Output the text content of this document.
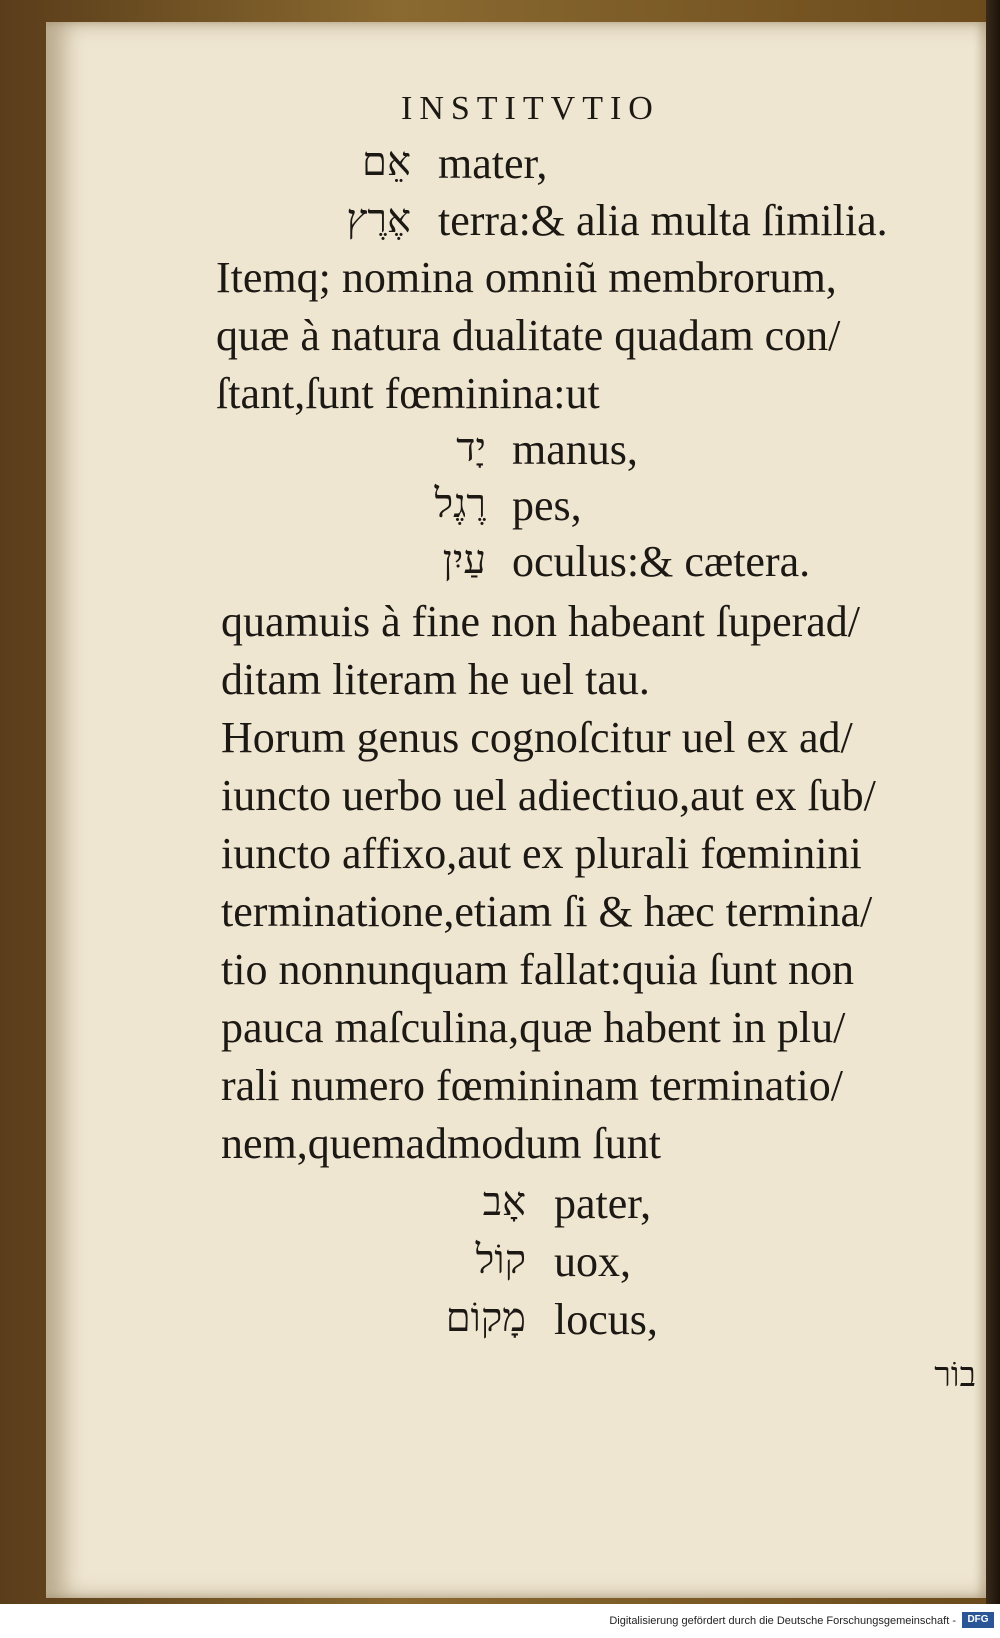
INSTITVTIO
אֵם mater,
אֶרֶץ terra:& alia multa ſimilia.
Itemq; nomina omniũ membrorum,
quæ à natura dualitate quadam con/
ſtant,ſunt fœminina:ut
יָד manus,
רֶגֶל pes,
עַיִן oculus:& cætera.
quamuis à fine non habeant ſuperad/
ditam literam he uel tau.
Horum genus cognoſcitur uel ex ad/
iuncto uerbo uel adiectiuo,aut ex ſub/
iuncto affixo,aut ex plurali fœminini
terminatione,etiam ſi & hæc termina/
tio nonnunquam fallat:quia ſunt non
pauca maſculina,quæ habent in plu/
rali numero fœmininam terminatio/
nem,quemadmodum ſunt
אָב pater,
קוֹל uox,
מָקוֹם locus,
בוֹר
Digitalisierung gefördert durch die Deutsche Forschungsgemeinschaft -	DFG
